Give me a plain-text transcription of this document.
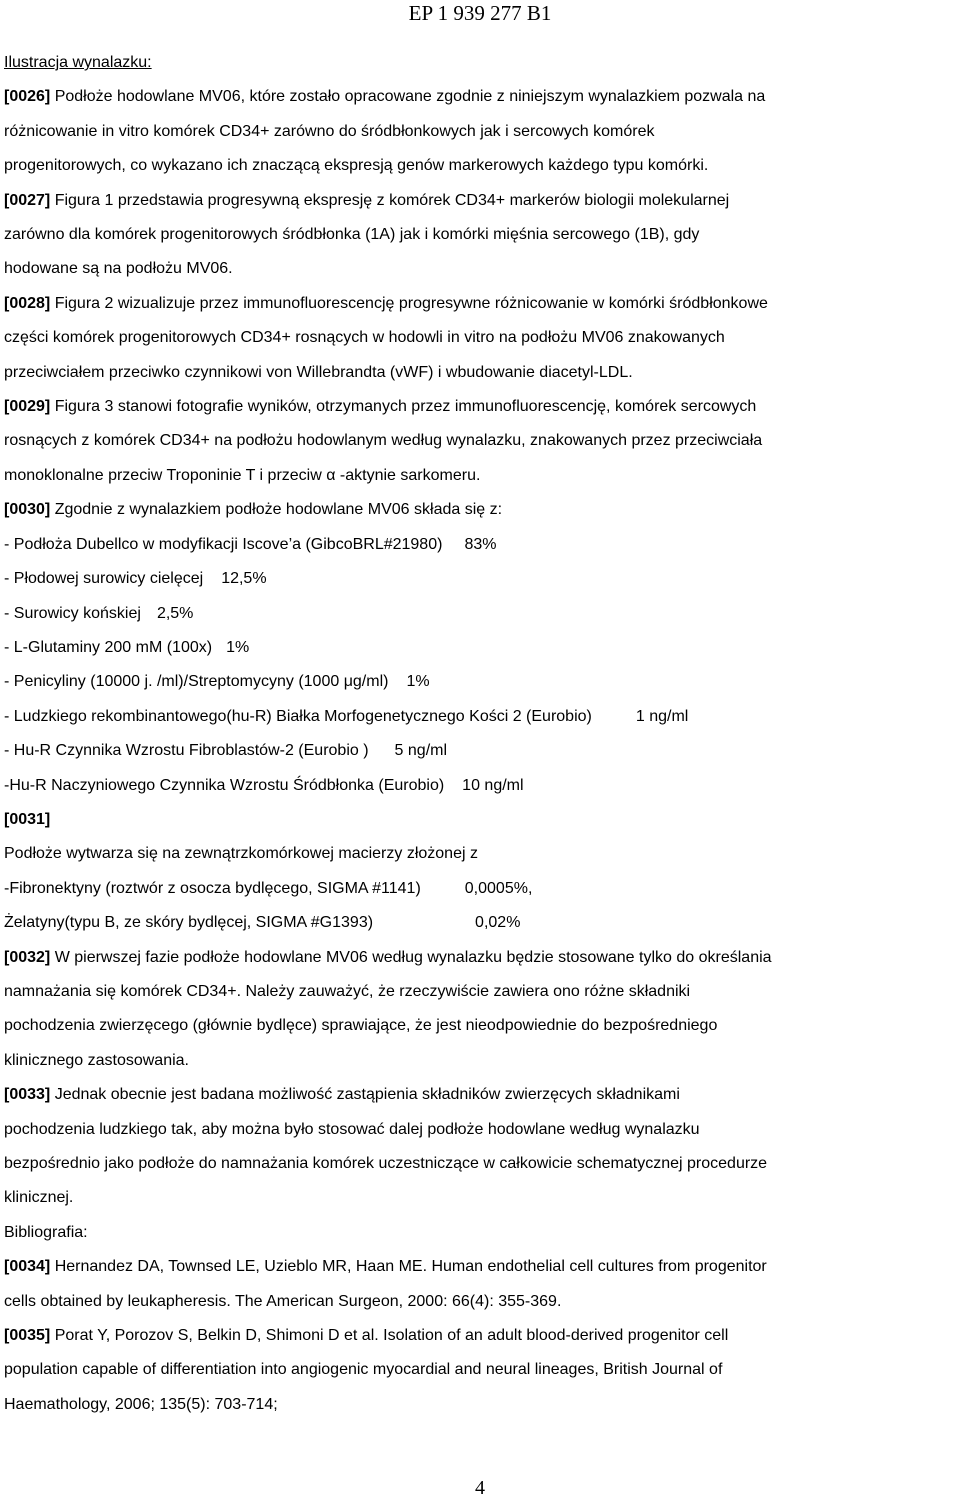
EP 1 939 277 B1
Ilustracja wynalazku:
[0026] Podłoże hodowlane MV06, które zostało opracowane zgodnie z niniejszym wynalazkiem pozwala na
różnicowanie in vitro komórek CD34+ zarówno do śródbłonkowych jak i sercowych komórek
progenitorowych, co wykazano ich znaczącą ekspresją genów markerowych każdego typu komórki.
[0027] Figura 1 przedstawia progresywną ekspresję z komórek CD34+ markerów biologii molekularnej
zarówno dla komórek progenitorowych śródbłonka (1A) jak i komórki mięśnia sercowego (1B), gdy
hodowane są na podłożu MV06.
[0028] Figura 2 wizualizuje przez immunofluorescencję progresywne różnicowanie w komórki śródbłonkowe
części komórek progenitorowych CD34+ rosnących w hodowli in vitro na podłożu MV06 znakowanych
przeciwciałem przeciwko czynnikowi von Willebrandta (vWF) i wbudowanie diacetyl-LDL.
[0029] Figura 3 stanowi fotografie wyników, otrzymanych przez immunofluorescencję, komórek sercowych
rosnących z komórek CD34+ na podłożu hodowlanym według wynalazku, znakowanych przez przeciwciała
monoklonalne przeciw Troponinie T i przeciw α -aktynie sarkomeru.
[0030] Zgodnie z wynalazkiem podłoże hodowlane MV06 składa się z:
- Podłoża Dubellco w modyfikacji Iscove’a (GibcoBRL#21980) 83%
- Płodowej surowicy cielęcej 12,5%
- Surowicy końskiej 2,5%
- L-Glutaminy 200 mM (100x) 1%
- Penicyliny (10000 j. /ml)/Streptomycyny (1000 μg/ml) 1%
- Ludzkiego rekombinantowego(hu-R) Białka Morfogenetycznego Kości 2 (Eurobio)	1 ng/ml
- Hu-R Czynnika Wzrostu Fibroblastów-2 (Eurobio ) 5 ng/ml
-Hu-R Naczyniowego Czynnika Wzrostu Śródbłonka (Eurobio) 10 ng/ml
[0031]
Podłoże wytwarza się na zewnątrzkomórkowej macierzy złożonej z
-Fibronektyny (roztwór z osocza bydlęcego, SIGMA #1141)	0,0005%,
Żelatyny(typu B, ze skóry bydlęcej, SIGMA #G1393)	0,02%
[0032] W pierwszej fazie podłoże hodowlane MV06 według wynalazku będzie stosowane tylko do określania
namnażania się komórek CD34+. Należy zauważyć, że rzeczywiście zawiera ono różne składniki
pochodzenia zwierzęcego (głównie bydlęce) sprawiające, że jest nieodpowiednie do bezpośredniego
klinicznego zastosowania.
[0033] Jednak obecnie jest badana możliwość zastąpienia składników zwierzęcych składnikami
pochodzenia ludzkiego tak, aby można było stosować dalej podłoże hodowlane według wynalazku
bezpośrednio jako podłoże do namnażania komórek uczestniczące w całkowicie schematycznej procedurze
klinicznej.
Bibliografia:
[0034] Hernandez DA, Townsed LE, Uzieblo MR, Haan ME. Human endothelial cell cultures from progenitor
cells obtained by leukapheresis. The American Surgeon, 2000: 66(4): 355-369.
[0035] Porat Y, Porozov S, Belkin D, Shimoni D et al. Isolation of an adult blood-derived progenitor cell
population capable of differentiation into angiogenic myocardial and neural lineages, British Journal of
Haemathology, 2006; 135(5): 703-714;
4
